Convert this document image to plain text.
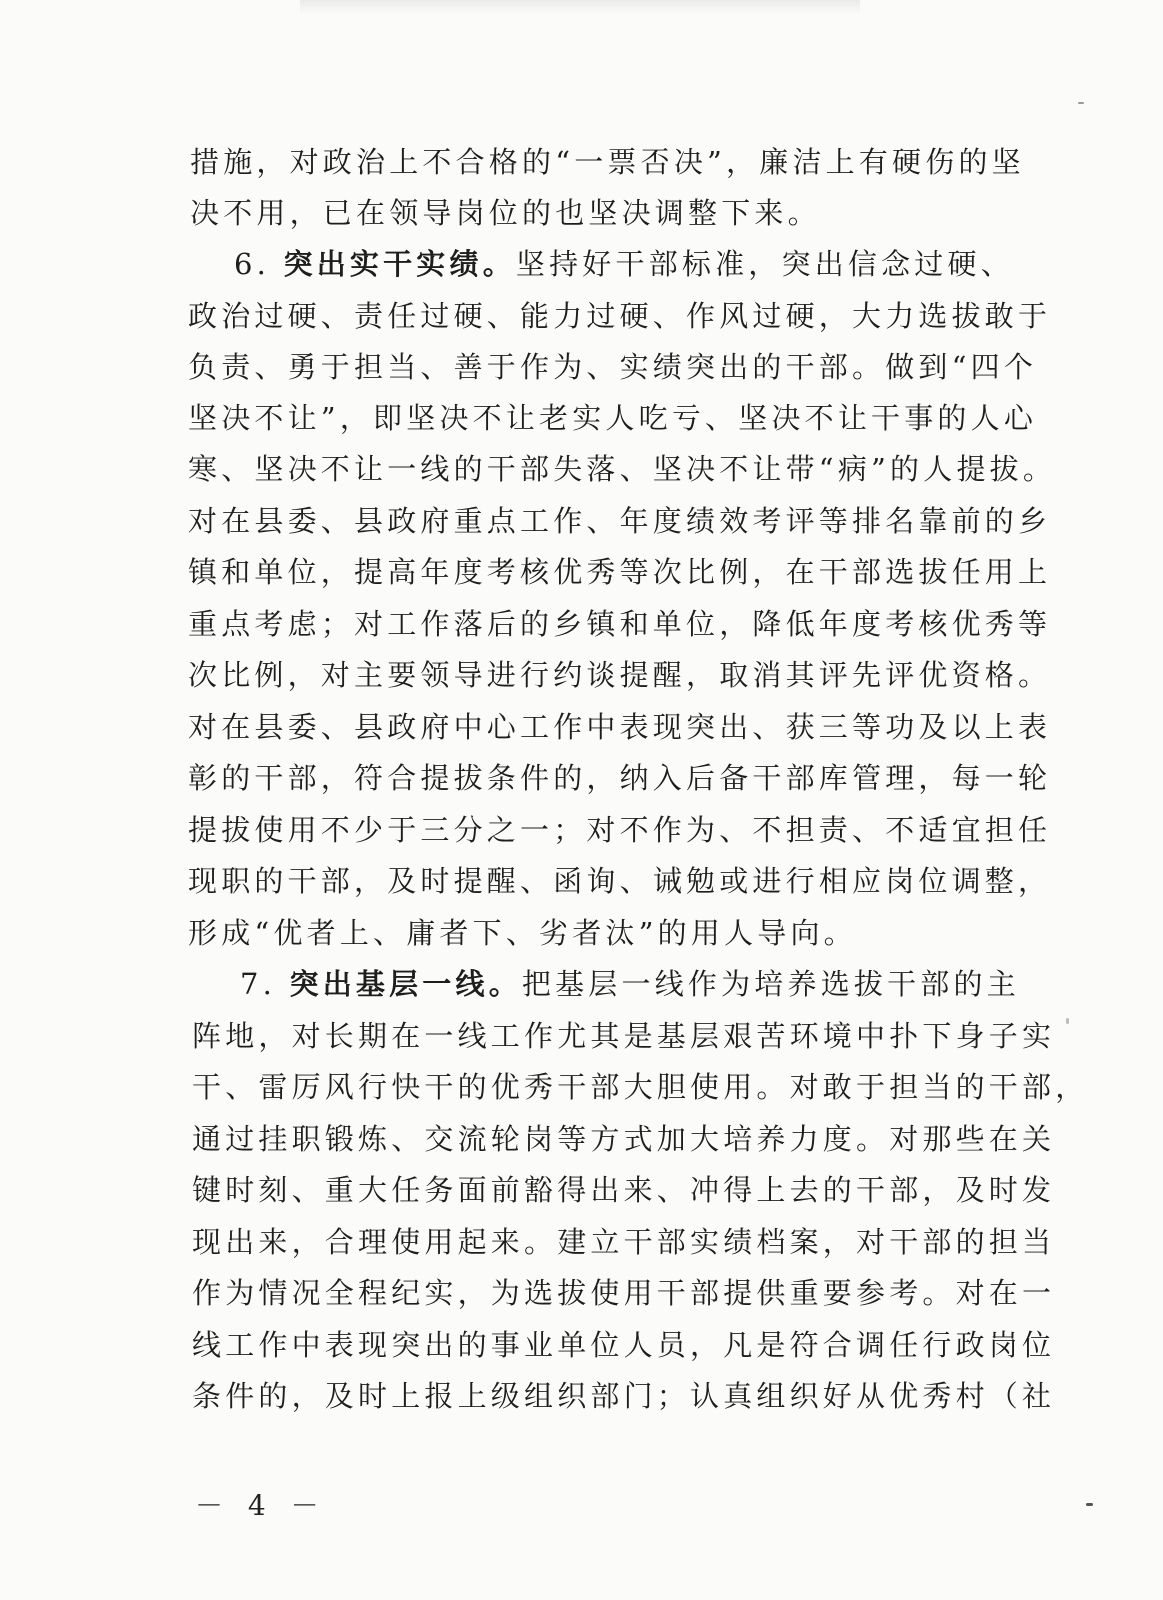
措施，对政治上不合格的“一票否决”，廉洁上有硬伤的坚
决不用，已在领导岗位的也坚决调整下来。
6. 突出实干实绩。坚持好干部标准，突出信念过硬、
政治过硬、责任过硬、能力过硬、作风过硬，大力选拔敢于
负责、勇于担当、善于作为、实绩突出的干部。做到“四个
坚决不让”，即坚决不让老实人吃亏、坚决不让干事的人心
寒、坚决不让一线的干部失落、坚决不让带“病”的人提拔。
对在县委、县政府重点工作、年度绩效考评等排名靠前的乡
镇和单位，提高年度考核优秀等次比例，在干部选拔任用上
重点考虑；对工作落后的乡镇和单位，降低年度考核优秀等
次比例，对主要领导进行约谈提醒，取消其评先评优资格。
对在县委、县政府中心工作中表现突出、获三等功及以上表
彰的干部，符合提拔条件的，纳入后备干部库管理，每一轮
提拔使用不少于三分之一；对不作为、不担责、不适宜担任
现职的干部，及时提醒、函询、诫勉或进行相应岗位调整，
形成“优者上、庸者下、劣者汰”的用人导向。
7. 突出基层一线。把基层一线作为培养选拔干部的主
阵地，对长期在一线工作尤其是基层艰苦环境中扑下身子实
干、雷厉风行快干的优秀干部大胆使用。对敢于担当的干部，
通过挂职锻炼、交流轮岗等方式加大培养力度。对那些在关
键时刻、重大任务面前豁得出来、冲得上去的干部，及时发
现出来，合理使用起来。建立干部实绩档案，对干部的担当
作为情况全程纪实，为选拔使用干部提供重要参考。对在一
线工作中表现突出的事业单位人员，凡是符合调任行政岗位
条件的，及时上报上级组织部门；认真组织好从优秀村（社
－ 4 －
